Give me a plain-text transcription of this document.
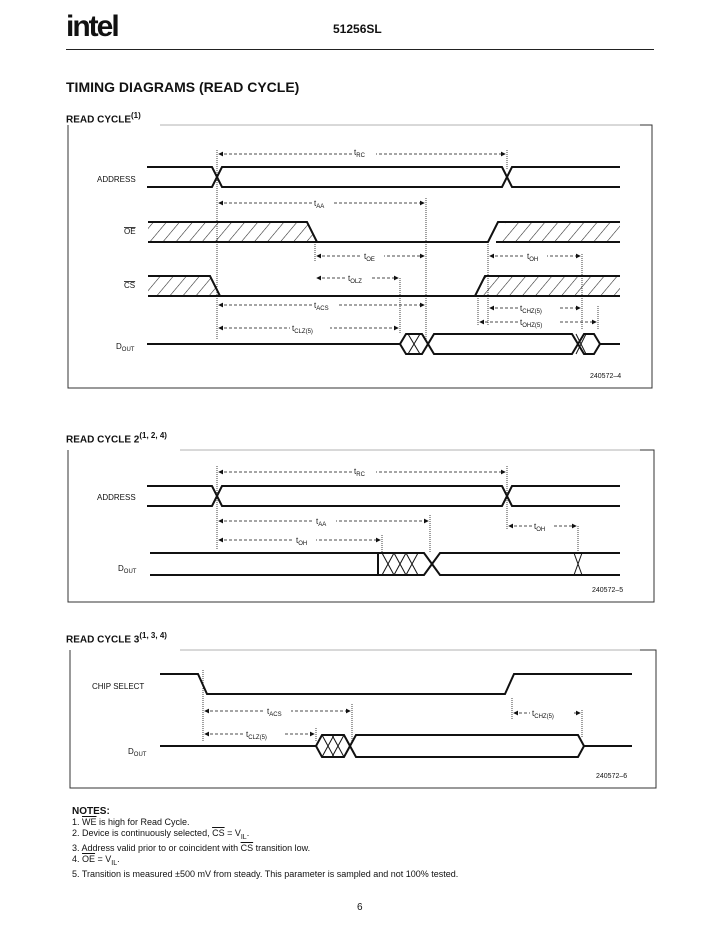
intel	51256SL
TIMING DIAGRAMS (READ CYCLE)
READ CYCLE$^{(1)}$
ADDRESS
OE
CS
$D_{OUT}$
$t_{RC}$
$t_{AA}$
$t_{OE}$	$t_{OH}$
$t_{OLZ}$
$t_{ACS}$	$t_{CHZ(5)}$
$t_{OHZ(5)}$
$t_{CLZ(5)}$
240572–4
READ CYCLE 2$^{(1, 2, 4)}$
ADDRESS
$D_{OUT}$
$t_{RC}$
$t_{AA}$
$t_{OH}$
$t_{OH}$
240572–5
READ CYCLE 3$^{(1, 3, 4)}$
CHIP SELECT
$D_{OUT}$
$t_{ACS}$
$t_{CLZ(5)}$
$t_{CHZ(5)}$
240572–6
NOTES:
1. $\overline{WE}$ is high for Read Cycle.
2. Device is continuously selected, $\overline{CS} = V_{IL}$.
3. Address valid prior to or coincident with $\overline{CS}$ transition low.
4. $\overline{OE} = V_{IL}$.
5. Transition is measured ±500 mV from steady. This parameter is sampled and not 100% tested.
6
